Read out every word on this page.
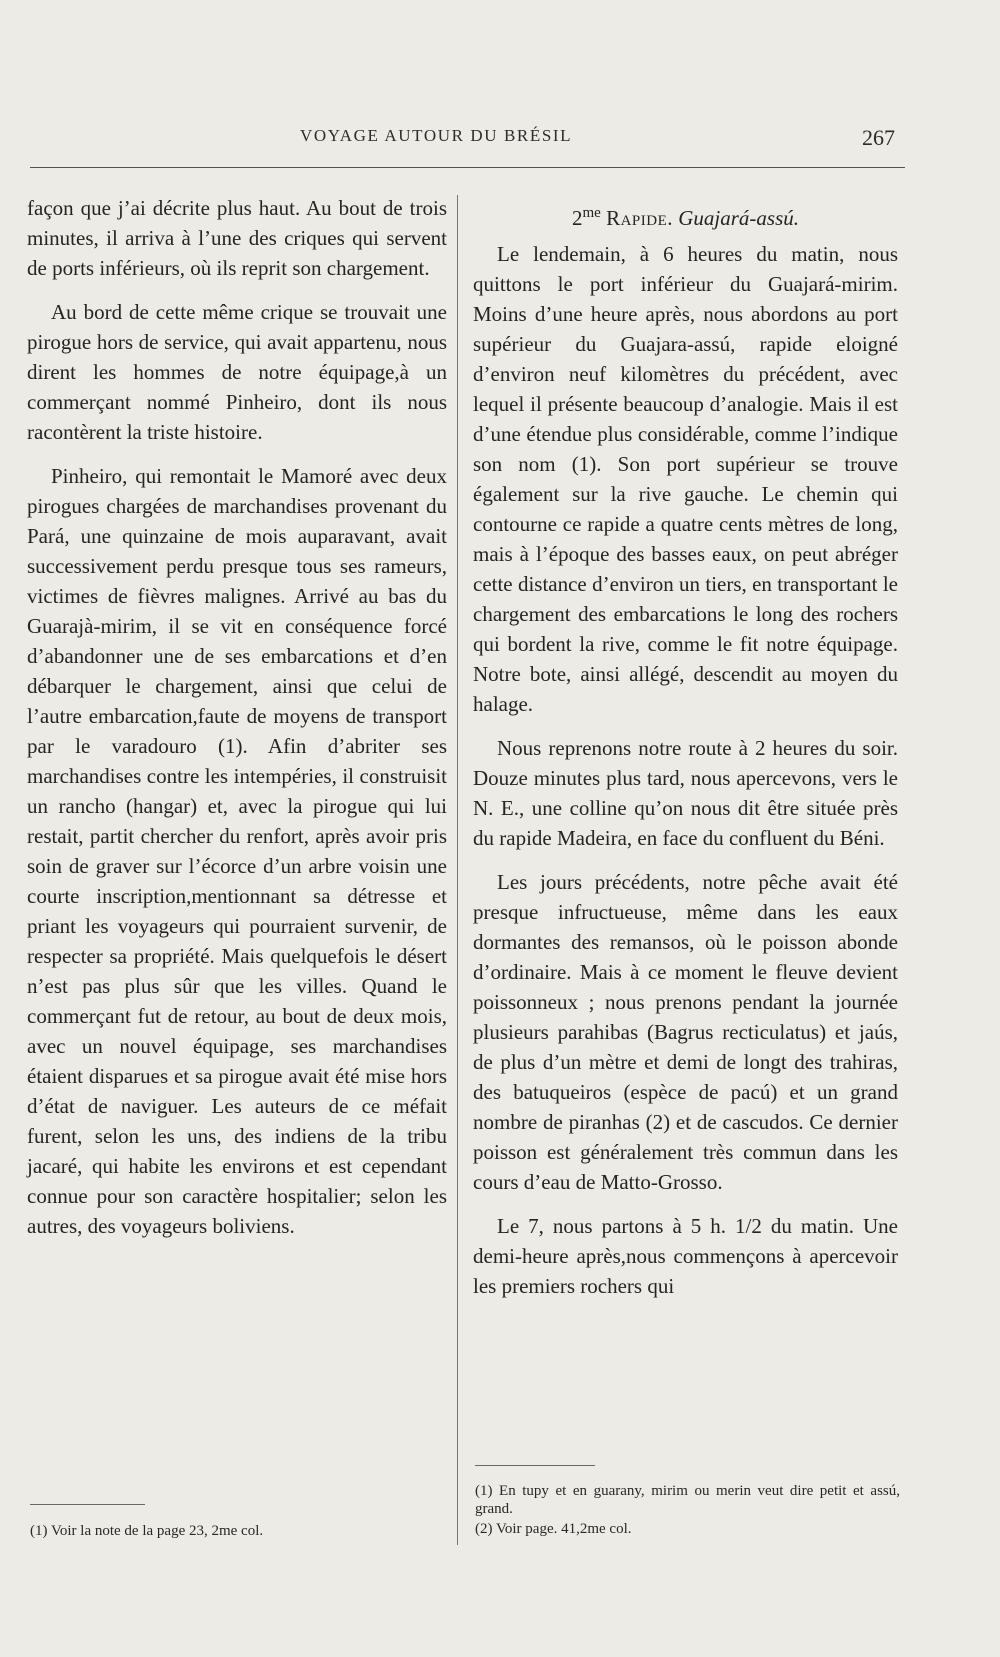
VOYAGE AUTOUR DU BRÉSIL	267

façon que j’ai décrite plus haut. Au bout de trois minutes, il arriva à l’une des criques qui servent de ports inférieurs, où ils reprit son chargement.

Au bord de cette même crique se trouvait une pirogue hors de service, qui avait appartenu, nous dirent les hommes de notre équipage,à un commerçant nommé Pinheiro, dont ils nous racontèrent la triste histoire.

Pinheiro, qui remontait le Mamoré avec deux pirogues chargées de marchandises provenant du Pará, une quinzaine de mois auparavant, avait successivement perdu presque tous ses rameurs, victimes de fièvres malignes. Arrivé au bas du Guarajà-mirim, il se vit en conséquence forcé d’abandonner une de ses embarcations et d’en débarquer le chargement, ainsi que celui de l’autre embarcation,faute de moyens de transport par le varadouro (1). Afin d’abriter ses marchandises contre les intempéries, il construisit un rancho (hangar) et, avec la pirogue qui lui restait, partit chercher du renfort, après avoir pris soin de graver sur l’écorce d’un arbre voisin une courte inscription,mentionnant sa détresse et priant les voyageurs qui pourraient survenir, de respecter sa propriété. Mais quelquefois le désert n’est pas plus sûr que les villes. Quand le commerçant fut de retour, au bout de deux mois, avec un nouvel équipage, ses marchandises étaient disparues et sa pirogue avait été mise hors d’état de naviguer. Les auteurs de ce méfait furent, selon les uns, des indiens de la tribu jacaré, qui habite les environs et est cependant connue pour son caractère hospitalier; selon les autres, des voyageurs boliviens.

$2^{me}$ Rapide. Guajará-assú.

Le lendemain, à 6 heures du matin, nous quittons le port inférieur du Guajará-mirim. Moins d’une heure après, nous abordons au port supérieur du Guajara-assú, rapide eloigné d’environ neuf kilomètres du précédent, avec lequel il présente beaucoup d’analogie. Mais il est d’une étendue plus considérable, comme l’indique son nom (1). Son port supérieur se trouve également sur la rive gauche. Le chemin qui contourne ce rapide a quatre cents mètres de long, mais à l’époque des basses eaux, on peut abréger cette distance d’environ un tiers, en transportant le chargement des embarcations le long des rochers qui bordent la rive, comme le fit notre équipage. Notre bote, ainsi allégé, descendit au moyen du halage.

Nous reprenons notre route à 2 heures du soir. Douze minutes plus tard, nous apercevons, vers le N. E., une colline qu’on nous dit être située près du rapide Madeira, en face du confluent du Béni.

Les jours précédents, notre pêche avait été presque infructueuse, même dans les eaux dormantes des remansos, où le poisson abonde d’ordinaire. Mais à ce moment le fleuve devient poissonneux ; nous prenons pendant la journée plusieurs parahibas (Bagrus recticulatus) et jaús, de plus d’un mètre et demi de longt des trahiras, des batuqueiros (espèce de pacú) et un grand nombre de piranhas (2) et de cascudos. Ce dernier poisson est généralement très commun dans les cours d’eau de Matto-Grosso.

Le 7, nous partons à 5 h. 1/2 du matin. Une demi-heure après,nous commençons à apercevoir les premiers rochers qui

(1) Voir la note de la page 23, 2me col.

(1) En tupy et en guarany, mirim ou merin veut dire petit et assú, grand.

(2) Voir page. 41,2me col.
